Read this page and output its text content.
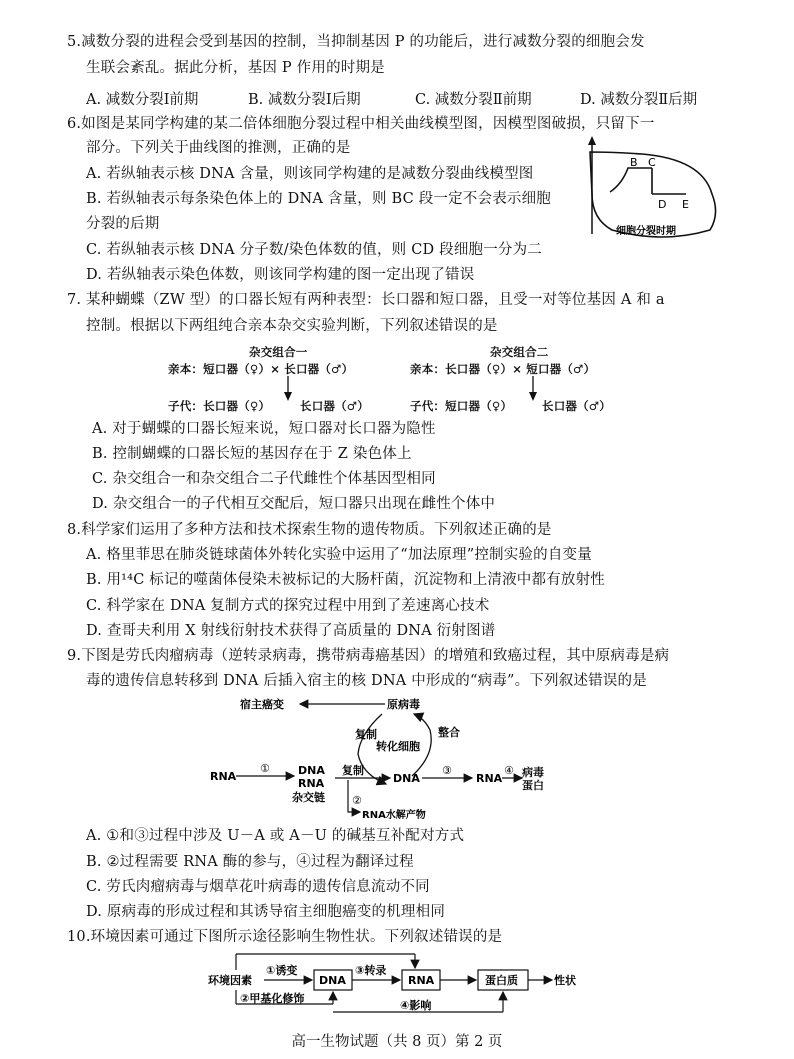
5.减数分裂的进程会受到基因的控制，当抑制基因 P 的功能后，进行减数分裂的细胞会发
生联会紊乱。据此分析，基因 P 作用的时期是
A. 减数分裂Ⅰ前期	B. 减数分裂Ⅰ后期	C. 减数分裂Ⅱ前期	D. 减数分裂Ⅱ后期
6.如图是某同学构建的某二倍体细胞分裂过程中相关曲线模型图，因模型图破损，只留下一
部分。下列关于曲线图的推测，正确的是
A. 若纵轴表示核 DNA 含量，则该同学构建的是减数分裂曲线模型图
B. 若纵轴表示每条染色体上的 DNA 含量，则 BC 段一定不会表示细胞
分裂的后期
C. 若纵轴表示核 DNA 分子数/染色体数的值，则 CD 段细胞一分为二
D. 若纵轴表示染色体数，则该同学构建的图一定出现了错误
B C
D E
细胞分裂时期
7. 某种蝴蝶（ZW 型）的口器长短有两种表型：长口器和短口器，且受一对等位基因 A 和 a
控制。根据以下两组纯合亲本杂交实验判断，下列叙述错误的是
杂交组合一
亲本：短口器（♀）× 长口器（♂）
子代：长口器（♀）	长口器（♂）
杂交组合二
亲本：长口器（♀）× 短口器（♂）
子代：短口器（♀）	长口器（♂）
A. 对于蝴蝶的口器长短来说，短口器对长口器为隐性
B. 控制蝴蝶的口器长短的基因存在于 Z 染色体上
C. 杂交组合一和杂交组合二子代雌性个体基因型相同
D. 杂交组合一的子代相互交配后，短口器只出现在雌性个体中
8.科学家们运用了多种方法和技术探索生物的遗传物质。下列叙述正确的是
A. 格里菲思在肺炎链球菌体外转化实验中运用了“加法原理”控制实验的自变量
B. 用¹⁴C 标记的噬菌体侵染未被标记的大肠杆菌，沉淀物和上清液中都有放射性
C. 科学家在 DNA 复制方式的探究过程中用到了差速离心技术
D. 查哥夫利用 X 射线衍射技术获得了高质量的 DNA 衍射图谱
9.下图是劳氏肉瘤病毒（逆转录病毒，携带病毒癌基因）的增殖和致癌过程，其中原病毒是病
毒的遗传信息转移到 DNA 后插入宿主的核 DNA 中形成的“病毒”。下列叙述错误的是
宿主癌变	原病毒
复制
转化细胞
整合
RNA
①	DNA
RNA
杂交链
复制
②
RNA水解产物
DNA
③
RNA
④ 病毒蛋白
A. ①和③过程中涉及 U－A 或 A－U 的碱基互补配对方式
B. ②过程需要 RNA 酶的参与，④过程为翻译过程
C. 劳氏肉瘤病毒与烟草花叶病毒的遗传信息流动不同
D. 原病毒的形成过程和其诱导宿主细胞癌变的机理相同
10.环境因素可通过下图所示途径影响生物性状。下列叙述错误的是
环境因素
①诱变
DNA
③转录
RNA	蛋白质	性状
②甲基化修饰
④影响
高一生物试题（共 8 页）第 2 页
